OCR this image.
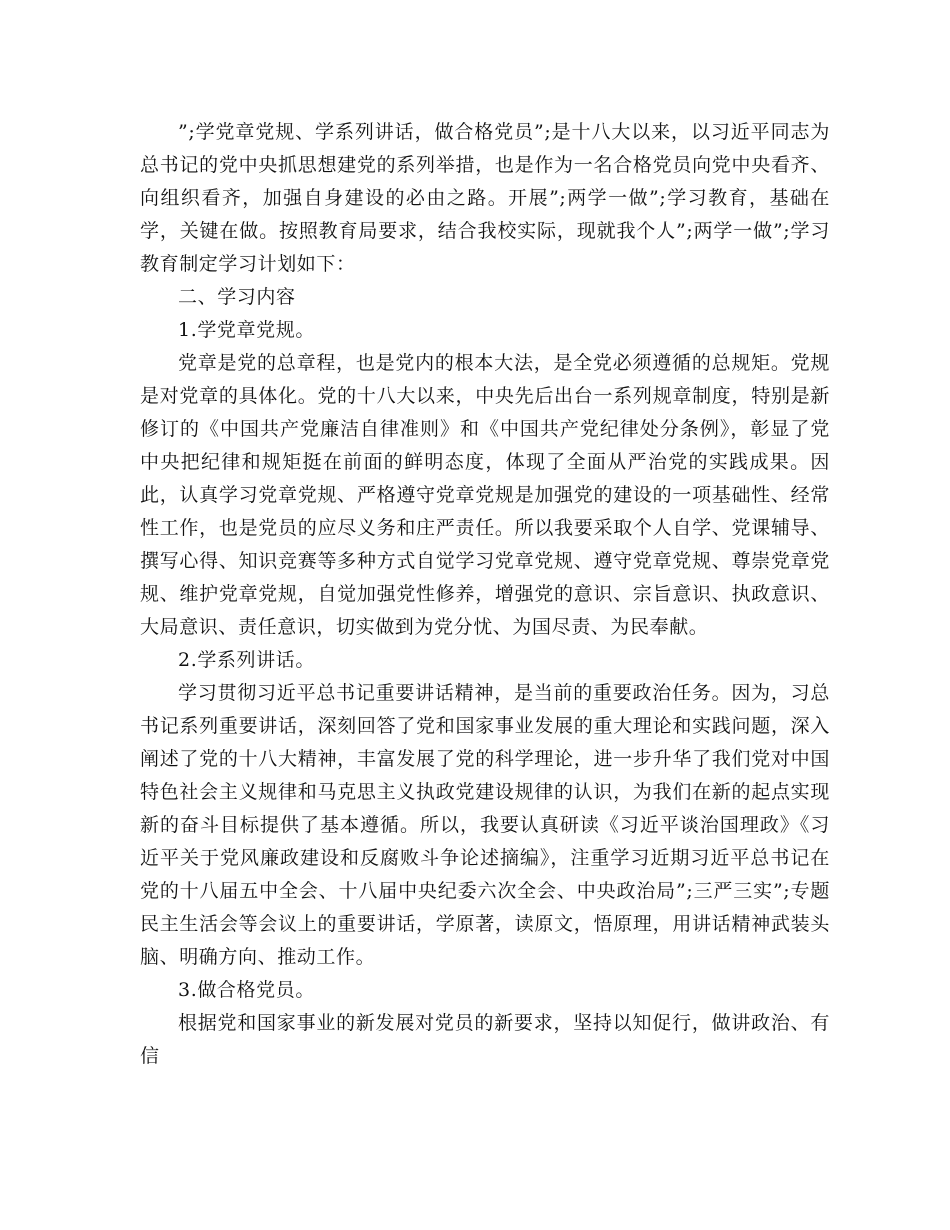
”;学党章党规、学系列讲话，做合格党员”;是十八大以来，以习近平同志为总书记的党中央抓思想建党的系列举措，也是作为一名合格党员向党中央看齐、向组织看齐，加强自身建设的必由之路。开展”;两学一做”;学习教育，基础在学，关键在做。按照教育局要求，结合我校实际，现就我个人”;两学一做”;学习教育制定学习计划如下：

二、学习内容

1.学党章党规。

党章是党的总章程，也是党内的根本大法，是全党必须遵循的总规矩。党规是对党章的具体化。党的十八大以来，中央先后出台一系列规章制度，特别是新修订的《中国共产党廉洁自律准则》和《中国共产党纪律处分条例》，彰显了党中央把纪律和规矩挺在前面的鲜明态度，体现了全面从严治党的实践成果。因此，认真学习党章党规、严格遵守党章党规是加强党的建设的一项基础性、经常性工作，也是党员的应尽义务和庄严责任。所以我要采取个人自学、党课辅导、撰写心得、知识竞赛等多种方式自觉学习党章党规、遵守党章党规、尊崇党章党规、维护党章党规，自觉加强党性修养，增强党的意识、宗旨意识、执政意识、大局意识、责任意识，切实做到为党分忧、为国尽责、为民奉献。

2.学系列讲话。

学习贯彻习近平总书记重要讲话精神，是当前的重要政治任务。因为，习总书记系列重要讲话，深刻回答了党和国家事业发展的重大理论和实践问题，深入阐述了党的十八大精神，丰富发展了党的科学理论，进一步升华了我们党对中国特色社会主义规律和马克思主义执政党建设规律的认识，为我们在新的起点实现新的奋斗目标提供了基本遵循。所以，我要认真研读《习近平谈治国理政》《习近平关于党风廉政建设和反腐败斗争论述摘编》，注重学习近期习近平总书记在党的十八届五中全会、十八届中央纪委六次全会、中央政治局”;三严三实”;专题民主生活会等会议上的重要讲话，学原著，读原文，悟原理，用讲话精神武装头脑、明确方向、推动工作。

3.做合格党员。

根据党和国家事业的新发展对党员的新要求，坚持以知促行，做讲政治、有信
